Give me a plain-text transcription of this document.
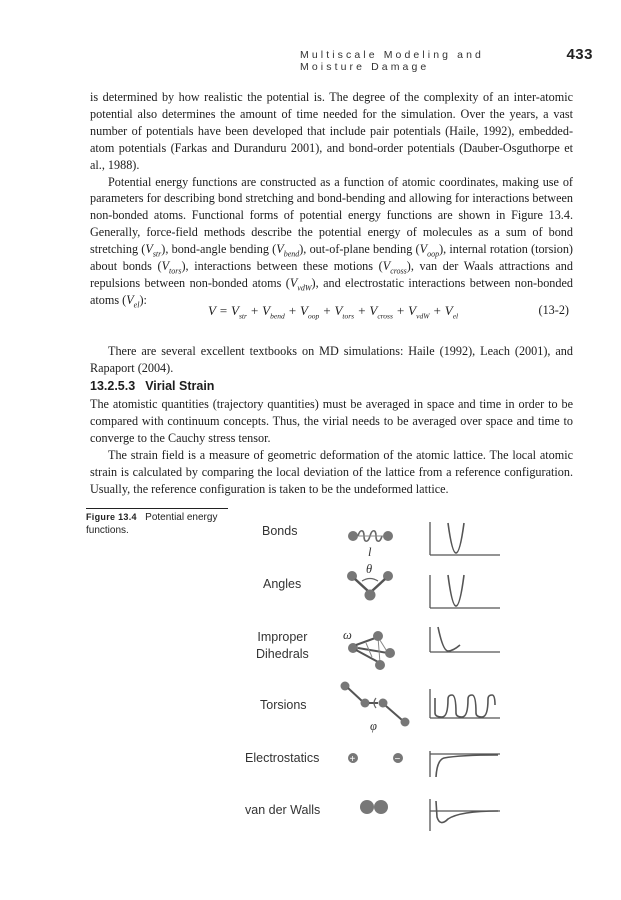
Multiscale Modeling and Moisture Damage
433

is determined by how realistic the potential is. The degree of the complexity of an inter-atomic potential also determines the amount of time needed for the simulation. Over the years, a vast number of potentials have been developed that include pair potentials (Haile, 1992), embedded-atom potentials (Farkas and Duranduru 2001), and bond-order potentials (Dauber-Osguthorpe et al., 1988).

Potential energy functions are constructed as a function of atomic coordinates, making use of parameters for describing bond stretching and bond-bending and allowing for interactions between non-bonded atoms. Functional forms of potential energy functions are shown in Figure 13.4. Generally, force-field methods describe the potential energy of molecules as a sum of bond stretching $(V_{str})$, bond-angle bending $(V_{bend})$, out-of-plane bending $(V_{oop})$, internal rotation (torsion) about bonds $(V_{tors})$, interactions between these motions $(V_{cross})$, van der Waals attractions and repulsions between non-bonded atoms $(V_{vdW})$, and electrostatic interactions between non-bonded atoms $(V_{el})$:

$V = V_{str} + V_{bend} + V_{oop} + V_{tors} + V_{cross} + V_{vdW} + V_{el}$	(13-2)

There are several excellent textbooks on MD simulations: Haile (1992), Leach (2001), and Rapaport (2004).

13.2.5.3 Virial Strain

The atomistic quantities (trajectory quantities) must be averaged in space and time in order to be compared with continuum concepts. Thus, the virial needs to be averaged over space and time to converge to the Cauchy stress tensor.

The strain field is a measure of geometric deformation of the atomic lattice. The local atomic strain is calculated by comparing the local deviation of the lattice from a reference configuration. Usually, the reference configuration is taken to be the undeformed lattice.

Figure 13.4 Potential energy functions.	Bonds
Angles
Improper
Dihedrals
Torsions
Electrostatics
van der Walls
l
V
l
$l_0$
θ	V
θ
$\theta_0$
ω
V
ω
$\omega_0$
φ
V
φ
+	−
V
r
V
r
